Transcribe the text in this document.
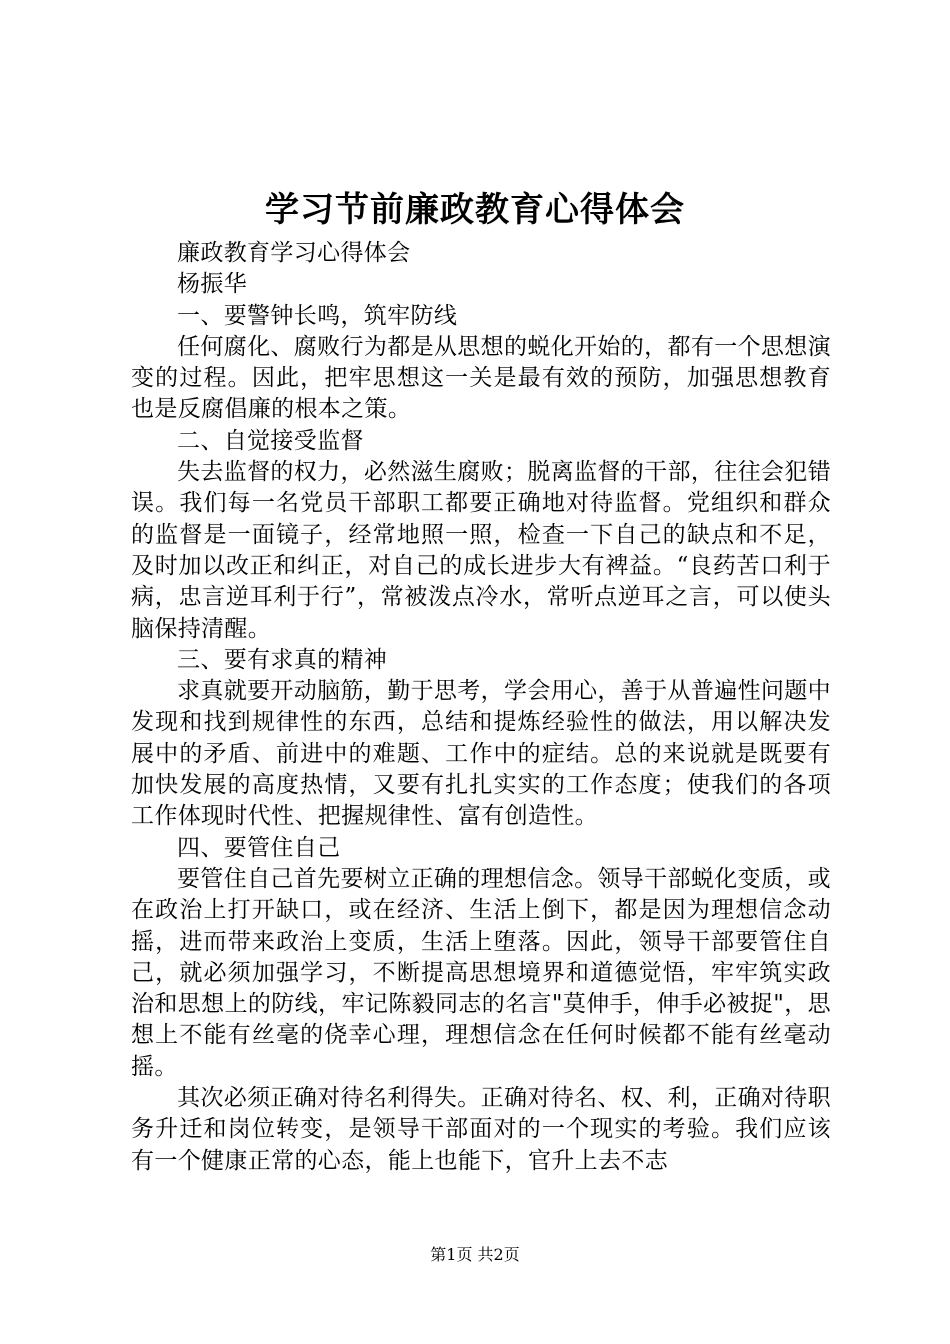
学习节前廉政教育心得体会

廉政教育学习心得体会

杨振华

一、要警钟长鸣，筑牢防线

任何腐化、腐败行为都是从思想的蜕化开始的，都有一个思想演变的过程。因此，把牢思想这一关是最有效的预防，加强思想教育也是反腐倡廉的根本之策。

二、自觉接受监督

失去监督的权力，必然滋生腐败；脱离监督的干部，往往会犯错误。我们每一名党员干部职工都要正确地对待监督。党组织和群众的监督是一面镜子，经常地照一照，检查一下自己的缺点和不足，及时加以改正和纠正，对自己的成长进步大有裨益。“良药苦口利于病，忠言逆耳利于行”，常被泼点冷水，常听点逆耳之言，可以使头脑保持清醒。

三、要有求真的精神

求真就要开动脑筋，勤于思考，学会用心，善于从普遍性问题中发现和找到规律性的东西，总结和提炼经验性的做法，用以解决发展中的矛盾、前进中的难题、工作中的症结。总的来说就是既要有加快发展的高度热情，又要有扎扎实实的工作态度；使我们的各项工作体现时代性、把握规律性、富有创造性。

四、要管住自己

要管住自己首先要树立正确的理想信念。领导干部蜕化变质，或在政治上打开缺口，或在经济、生活上倒下，都是因为理想信念动摇，进而带来政治上变质，生活上堕落。因此，领导干部要管住自己，就必须加强学习，不断提高思想境界和道德觉悟，牢牢筑实政治和思想上的防线，牢记陈毅同志的名言"莫伸手，伸手必被捉"，思想上不能有丝毫的侥幸心理，理想信念在任何时候都不能有丝毫动摇。

其次必须正确对待名利得失。正确对待名、权、利，正确对待职务升迁和岗位转变，是领导干部面对的一个现实的考验。我们应该有一个健康正常的心态，能上也能下，官升上去不志

第1页 共2页
